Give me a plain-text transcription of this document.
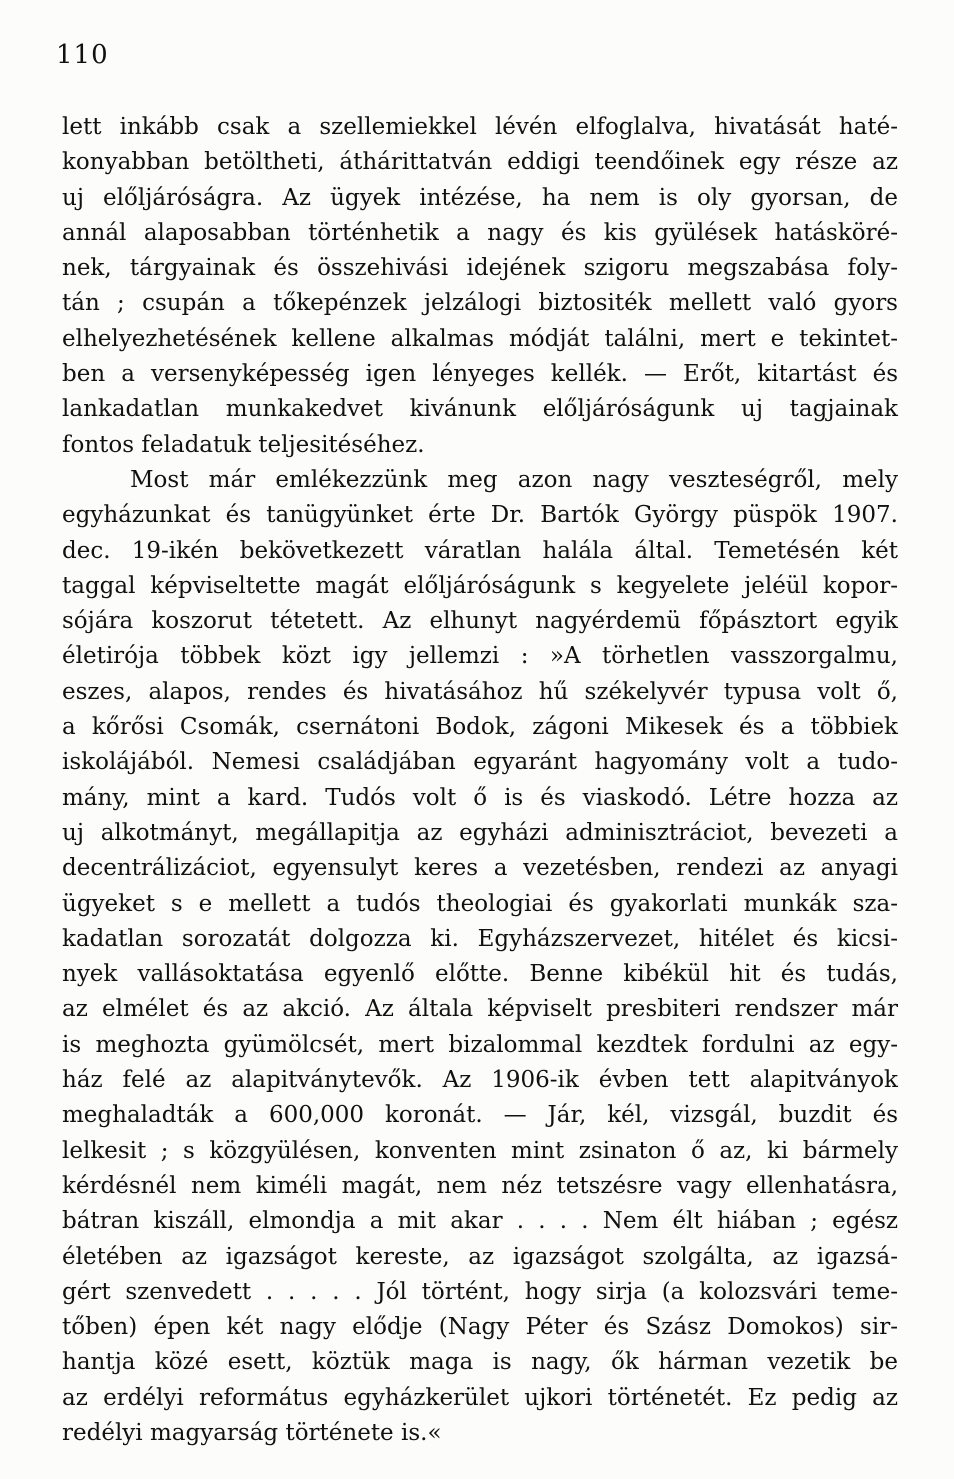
110
lett inkább csak a szellemiekkel lévén elfoglalva, hivatását haté-
konyabban betöltheti, áthárittatván eddigi teendőinek egy része az
uj előljáróságra. Az ügyek intézése, ha nem is oly gyorsan, de
annál alaposabban történhetik a nagy és kis gyülések hatásköré-
nek, tárgyainak és összehivási idejének szigoru megszabása foly-
tán ; csupán a tőkepénzek jelzálogi biztositék mellett való gyors
elhelyezhetésének kellene alkalmas módját találni, mert e tekintet-
ben a versenyképesség igen lényeges kellék. — Erőt, kitartást és
lankadatlan munkakedvet kivánunk előljáróságunk uj tagjainak
fontos feladatuk teljesitéséhez.
Most már emlékezzünk meg azon nagy veszteségről, mely
egyházunkat és tanügyünket érte Dr. Bartók György püspök 1907.
dec. 19-ikén bekövetkezett váratlan halála által. Temetésén két
taggal képviseltette magát előljáróságunk s kegyelete jeléül kopor-
sójára koszorut tétetett. Az elhunyt nagyérdemü főpásztort egyik
életirója többek közt igy jellemzi : »A törhetlen vasszorgalmu,
eszes, alapos, rendes és hivatásához hű székelyvér typusa volt ő,
a kőrősi Csomák, csernátoni Bodok, zágoni Mikesek és a többiek
iskolájából. Nemesi családjában egyaránt hagyomány volt a tudo-
mány, mint a kard. Tudós volt ő is és viaskodó. Létre hozza az
uj alkotmányt, megállapitja az egyházi adminisztráciot, bevezeti a
decentrálizáciot, egyensulyt keres a vezetésben, rendezi az anyagi
ügyeket s e mellett a tudós theologiai és gyakorlati munkák sza-
kadatlan sorozatát dolgozza ki. Egyházszervezet, hitélet és kicsi-
nyek vallásoktatása egyenlő előtte. Benne kibékül hit és tudás,
az elmélet és az akció. Az általa képviselt presbiteri rendszer már
is meghozta gyümölcsét, mert bizalommal kezdtek fordulni az egy-
ház felé az alapitványtevők. Az 1906-ik évben tett alapitványok
meghaladták a 600,000 koronát. — Jár, kél, vizsgál, buzdit és
lelkesit ; s közgyülésen, konventen mint zsinaton ő az, ki bármely
kérdésnél nem kiméli magát, nem néz tetszésre vagy ellenhatásra,
bátran kiszáll, elmondja a mit akar . . . . Nem élt hiában ; egész
életében az igazságot kereste, az igazságot szolgálta, az igazsá-
gért szenvedett . . . . . Jól történt, hogy sirja (a kolozsvári teme-
tőben) épen két nagy elődje (Nagy Péter és Szász Domokos) sir-
hantja közé esett, köztük maga is nagy, ők hárman vezetik be
az erdélyi református egyházkerület ujkori történetét. Ez pedig az
redélyi magyarság története is.«
